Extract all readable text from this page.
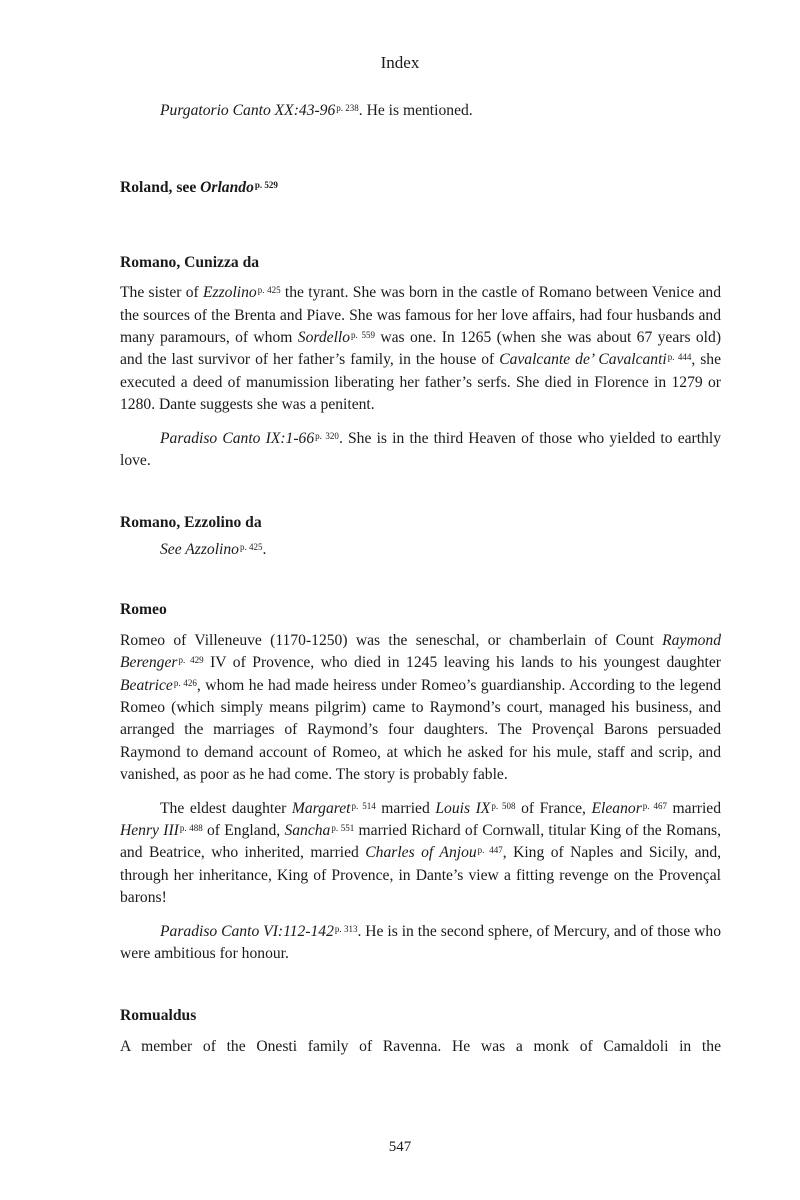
Index

Purgatorio Canto XX:43-96$^{p. 238}$. He is mentioned.

Roland, see Orlando$^{p. 529}$

Romano, Cunizza da

The sister of Ezzolino$^{p. 425}$ the tyrant. She was born in the castle of Romano between Venice and the sources of the Brenta and Piave. She was famous for her love affairs, had four husbands and many paramours, of whom Sordello$^{p. 559}$ was one. In 1265 (when she was about 67 years old) and the last survivor of her father’s family, in the house of Cavalcante de’ Cavalcanti$^{p. 444}$, she executed a deed of manumission liberating her father’s serfs. She died in Florence in 1279 or 1280. Dante suggests she was a penitent.

Paradiso Canto IX:1-66$^{p. 320}$. She is in the third Heaven of those who yielded to earthly love.

Romano, Ezzolino da

See Azzolino$^{p. 425}$.

Romeo

Romeo of Villeneuve (1170-1250) was the seneschal, or chamberlain of Count Raymond Berenger$^{p. 429}$ IV of Provence, who died in 1245 leaving his lands to his youngest daughter Beatrice$^{p. 426}$, whom he had made heiress under Romeo’s guardianship. According to the legend Romeo (which simply means pilgrim) came to Raymond’s court, managed his business, and arranged the marriages of Raymond’s four daughters. The Provençal Barons persuaded Raymond to demand account of Romeo, at which he asked for his mule, staff and scrip, and vanished, as poor as he had come. The story is probably fable.

The eldest daughter Margaret$^{p. 514}$ married Louis IX$^{p. 508}$ of France, Eleanor$^{p. 467}$ married Henry III$^{p. 488}$ of England, Sancha$^{p. 551}$ married Richard of Cornwall, titular King of the Romans, and Beatrice, who inherited, married Charles of Anjou$^{p. 447}$, King of Naples and Sicily, and, through her inheritance, King of Provence, in Dante’s view a fitting revenge on the Provençal barons!

Paradiso Canto VI:112-142$^{p. 313}$. He is in the second sphere, of Mercury, and of those who were ambitious for honour.

Romualdus

A member of the Onesti family of Ravenna. He was a monk of Camaldoli in the

547
